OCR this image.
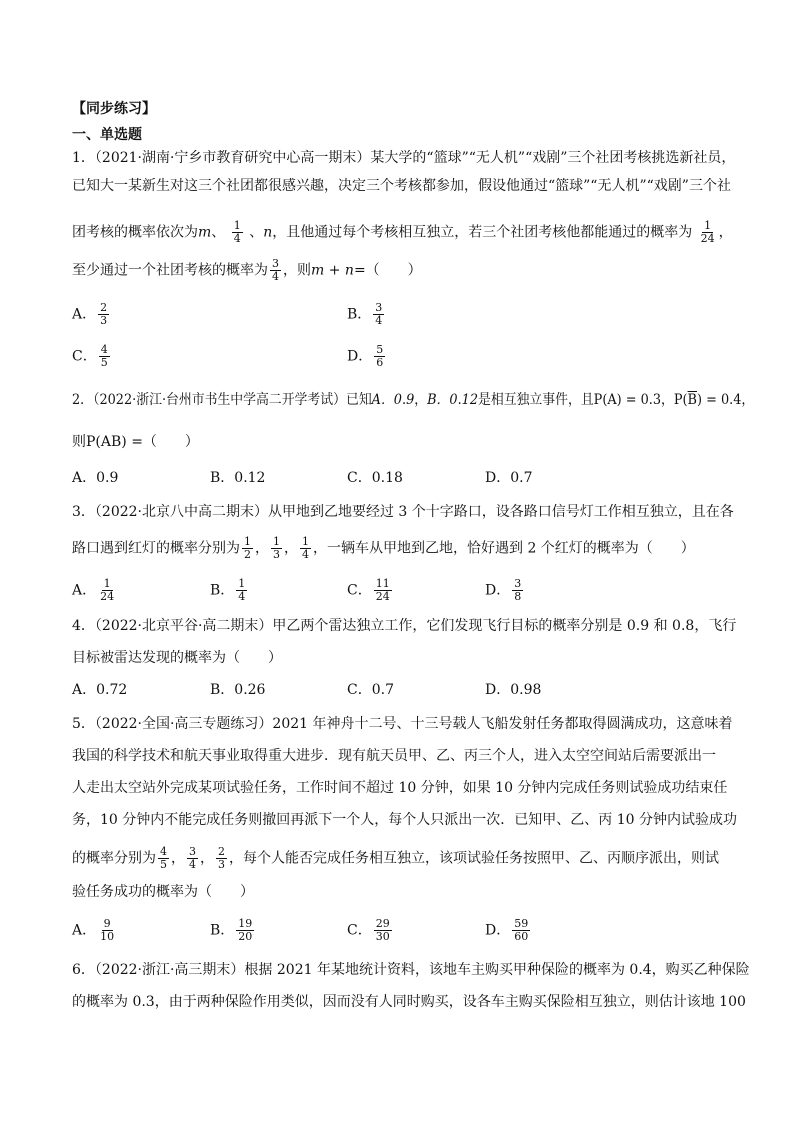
【同步练习】
一、单选题
1．（2021·湖南·宁乡市教育研究中心高一期末）某大学的“篮球”“无人机”“戏剧”三个社团考核挑选新社员，
已知大一某新生对这三个社团都很感兴趣，决定三个考核都参加，假设他通过“篮球”“无人机”“戏剧”三个社
团考核的概率依次为m、 $\frac{1}{4}$ 、n，且他通过每个考核相互独立，若三个社团考核他都能通过的概率为 $\frac{1}{24}$ ，
至少通过一个社团考核的概率为 $\frac{3}{4}$ ，则m + n=（　　）
A． $\frac{2}{3}$	B． $\frac{3}{4}$
C． $\frac{4}{5}$	D． $\frac{5}{6}$
2．（2022·浙江·台州市书生中学高二开学考试）已知A．0.9，B．0.12是相互独立事件，且P(A) = 0.3，$P(\overline{B}) = 0.4$，
则P(AB) =（　　）
A．0.9	B．0.12	C．0.18	D．0.7
3．（2022·北京八中高二期末）从甲地到乙地要经过 3 个十字路口，设各路口信号灯工作相互独立，且在各
路口遇到红灯的概率分别为 $\frac{1}{2}$ ， $\frac{1}{3}$ ， $\frac{1}{4}$ ，一辆车从甲地到乙地，恰好遇到 2 个红灯的概率为（　　）
A． $\frac{1}{24}$	B． $\frac{1}{4}$	C． $\frac{11}{24}$	D． $\frac{3}{8}$
4．（2022·北京平谷·高二期末）甲乙两个雷达独立工作，它们发现飞行目标的概率分别是 0.9 和 0.8，飞行
目标被雷达发现的概率为（　　）
A．0.72	B．0.26	C．0.7	D．0.98
5．（2022·全国·高三专题练习）2021 年神舟十二号、十三号载人飞船发射任务都取得圆满成功，这意味着
我国的科学技术和航天事业取得重大进步．现有航天员甲、乙、丙三个人，进入太空空间站后需要派出一
人走出太空站外完成某项试验任务，工作时间不超过 10 分钟，如果 10 分钟内完成任务则试验成功结束任
务，10 分钟内不能完成任务则撤回再派下一个人，每个人只派出一次．已知甲、乙、丙 10 分钟内试验成功
的概率分别为 $\frac{4}{5}$ ， $\frac{3}{4}$ ， $\frac{2}{3}$ ，每个人能否完成任务相互独立，该项试验任务按照甲、乙、丙顺序派出，则试
验任务成功的概率为（　　）
A． $\frac{9}{10}$	B． $\frac{19}{20}$	C． $\frac{29}{30}$	D． $\frac{59}{60}$
6．（2022·浙江·高三期末）根据 2021 年某地统计资料，该地车主购买甲种保险的概率为 0.4，购买乙种保险
的概率为 0.3，由于两种保险作用类似，因而没有人同时购买，设各车主购买保险相互独立，则估计该地 100
